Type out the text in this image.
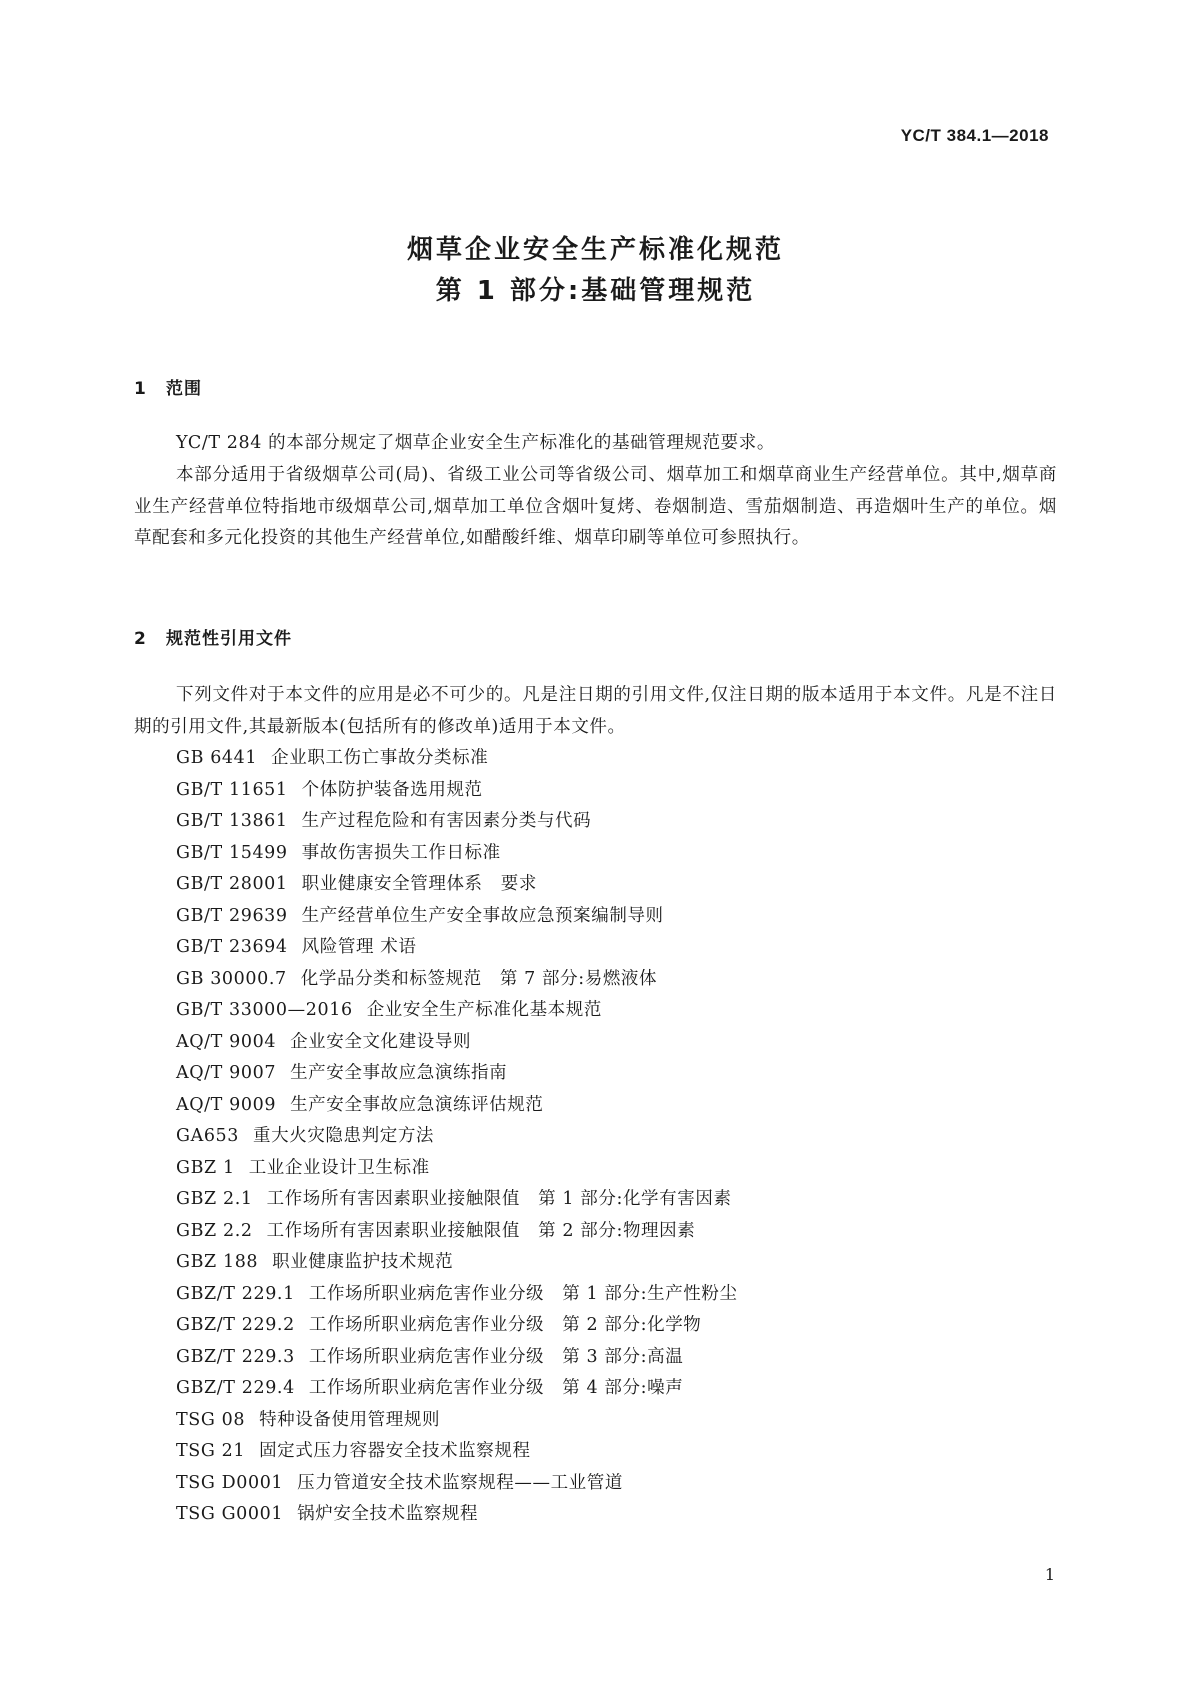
YC/T 384.1—2018
烟草企业安全生产标准化规范
第 1 部分:基础管理规范
1 范围

YC/T 284 的本部分规定了烟草企业安全生产标准化的基础管理规范要求。

本部分适用于省级烟草公司(局)、省级工业公司等省级公司、烟草加工和烟草商业生产经营单位。其中,烟草商业生产经营单位特指地市级烟草公司,烟草加工单位含烟叶复烤、卷烟制造、雪茄烟制造、再造烟叶生产的单位。烟草配套和多元化投资的其他生产经营单位,如醋酸纤维、烟草印刷等单位可参照执行。

2 规范性引用文件

下列文件对于本文件的应用是必不可少的。凡是注日期的引用文件,仅注日期的版本适用于本文件。凡是不注日期的引用文件,其最新版本(包括所有的修改单)适用于本文件。

GB 6441 企业职工伤亡事故分类标准
GB/T 11651 个体防护装备选用规范
GB/T 13861 生产过程危险和有害因素分类与代码
GB/T 15499 事故伤害损失工作日标准
GB/T 28001 职业健康安全管理体系　要求
GB/T 29639 生产经营单位生产安全事故应急预案编制导则
GB/T 23694 风险管理 术语
GB 30000.7 化学品分类和标签规范　第 7 部分:易燃液体
GB/T 33000—2016 企业安全生产标准化基本规范
AQ/T 9004 企业安全文化建设导则
AQ/T 9007 生产安全事故应急演练指南
AQ/T 9009 生产安全事故应急演练评估规范
GA653 重大火灾隐患判定方法
GBZ 1 工业企业设计卫生标准
GBZ 2.1 工作场所有害因素职业接触限值　第 1 部分:化学有害因素
GBZ 2.2 工作场所有害因素职业接触限值　第 2 部分:物理因素
GBZ 188 职业健康监护技术规范
GBZ/T 229.1 工作场所职业病危害作业分级　第 1 部分:生产性粉尘
GBZ/T 229.2 工作场所职业病危害作业分级　第 2 部分:化学物
GBZ/T 229.3 工作场所职业病危害作业分级　第 3 部分:高温
GBZ/T 229.4 工作场所职业病危害作业分级　第 4 部分:噪声
TSG 08 特种设备使用管理规则
TSG 21 固定式压力容器安全技术监察规程
TSG D0001 压力管道安全技术监察规程——工业管道
TSG G0001 锅炉安全技术监察规程
1
